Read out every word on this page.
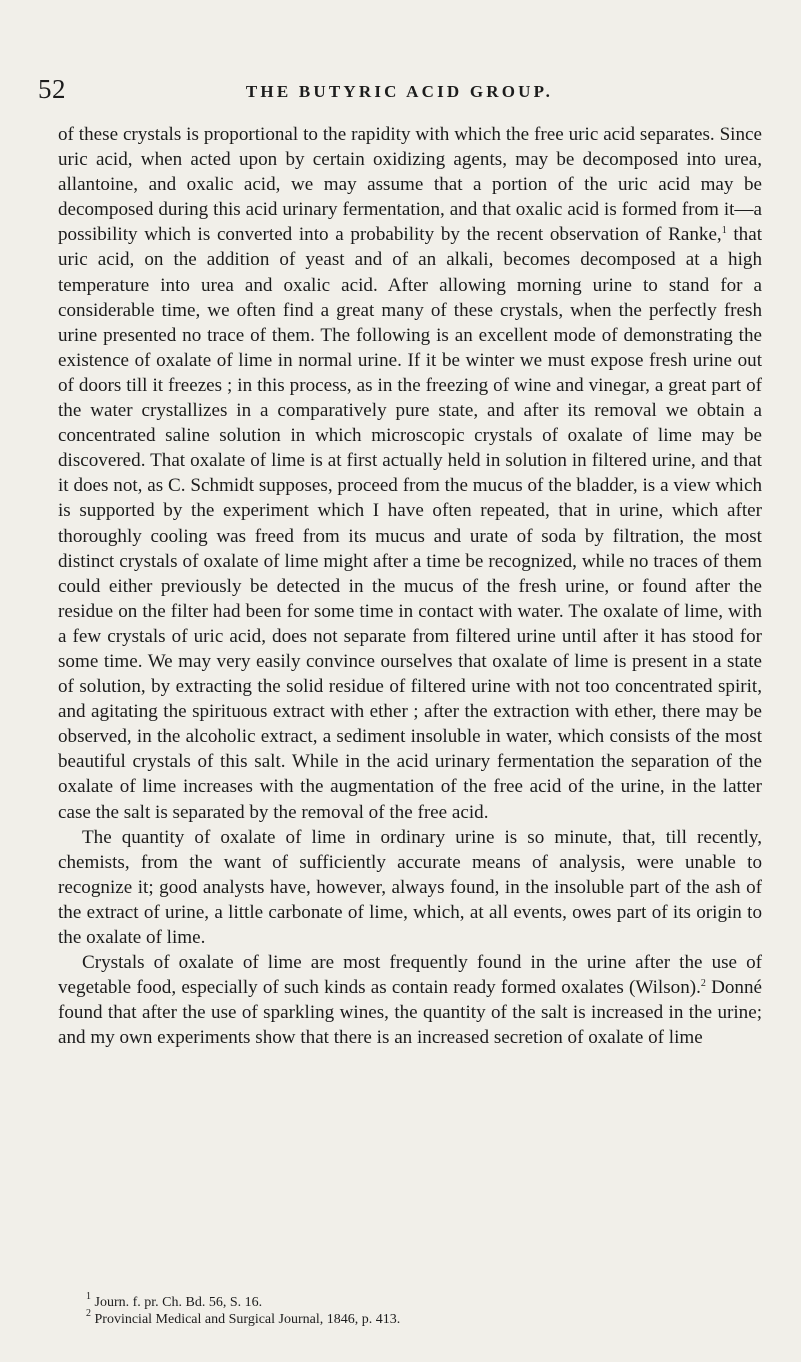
52	THE BUTYRIC ACID GROUP.

of these crystals is proportional to the rapidity with which the free uric acid separates. Since uric acid, when acted upon by certain oxidizing agents, may be decomposed into urea, allantoine, and oxalic acid, we may assume that a portion of the uric acid may be decomposed during this acid urinary fermentation, and that oxalic acid is formed from it—a possibility which is converted into a probability by the recent observation of Ranke,$^1$ that uric acid, on the addition of yeast and of an alkali, becomes decomposed at a high temperature into urea and oxalic acid. After allowing morning urine to stand for a considerable time, we often find a great many of these crystals, when the perfectly fresh urine presented no trace of them. The following is an excellent mode of demonstrating the existence of oxalate of lime in normal urine. If it be winter we must expose fresh urine out of doors till it freezes ; in this process, as in the freezing of wine and vinegar, a great part of the water crystallizes in a comparatively pure state, and after its removal we obtain a concentrated saline solution in which microscopic crystals of oxalate of lime may be discovered. That oxalate of lime is at first actually held in solution in filtered urine, and that it does not, as C. Schmidt supposes, proceed from the mucus of the bladder, is a view which is supported by the experiment which I have often repeated, that in urine, which after thoroughly cooling was freed from its mucus and urate of soda by filtration, the most distinct crystals of oxalate of lime might after a time be recognized, while no traces of them could either previously be detected in the mucus of the fresh urine, or found after the residue on the filter had been for some time in contact with water. The oxalate of lime, with a few crystals of uric acid, does not separate from filtered urine until after it has stood for some time. We may very easily convince ourselves that oxalate of lime is present in a state of solution, by extracting the solid residue of filtered urine with not too concentrated spirit, and agitating the spirituous extract with ether ; after the extraction with ether, there may be observed, in the alcoholic extract, a sediment insoluble in water, which consists of the most beautiful crystals of this salt. While in the acid urinary fermentation the separation of the oxalate of lime increases with the augmentation of the free acid of the urine, in the latter case the salt is separated by the removal of the free acid.

The quantity of oxalate of lime in ordinary urine is so minute, that, till recently, chemists, from the want of sufficiently accurate means of analysis, were unable to recognize it; good analysts have, however, always found, in the insoluble part of the ash of the extract of urine, a little carbonate of lime, which, at all events, owes part of its origin to the oxalate of lime.

Crystals of oxalate of lime are most frequently found in the urine after the use of vegetable food, especially of such kinds as contain ready formed oxalates (Wilson).$^2$ Donné found that after the use of sparkling wines, the quantity of the salt is increased in the urine; and my own experiments show that there is an increased secretion of oxalate of lime

$^1$ Journ. f. pr. Ch. Bd. 56, S. 16.
$^2$ Provincial Medical and Surgical Journal, 1846, p. 413.
